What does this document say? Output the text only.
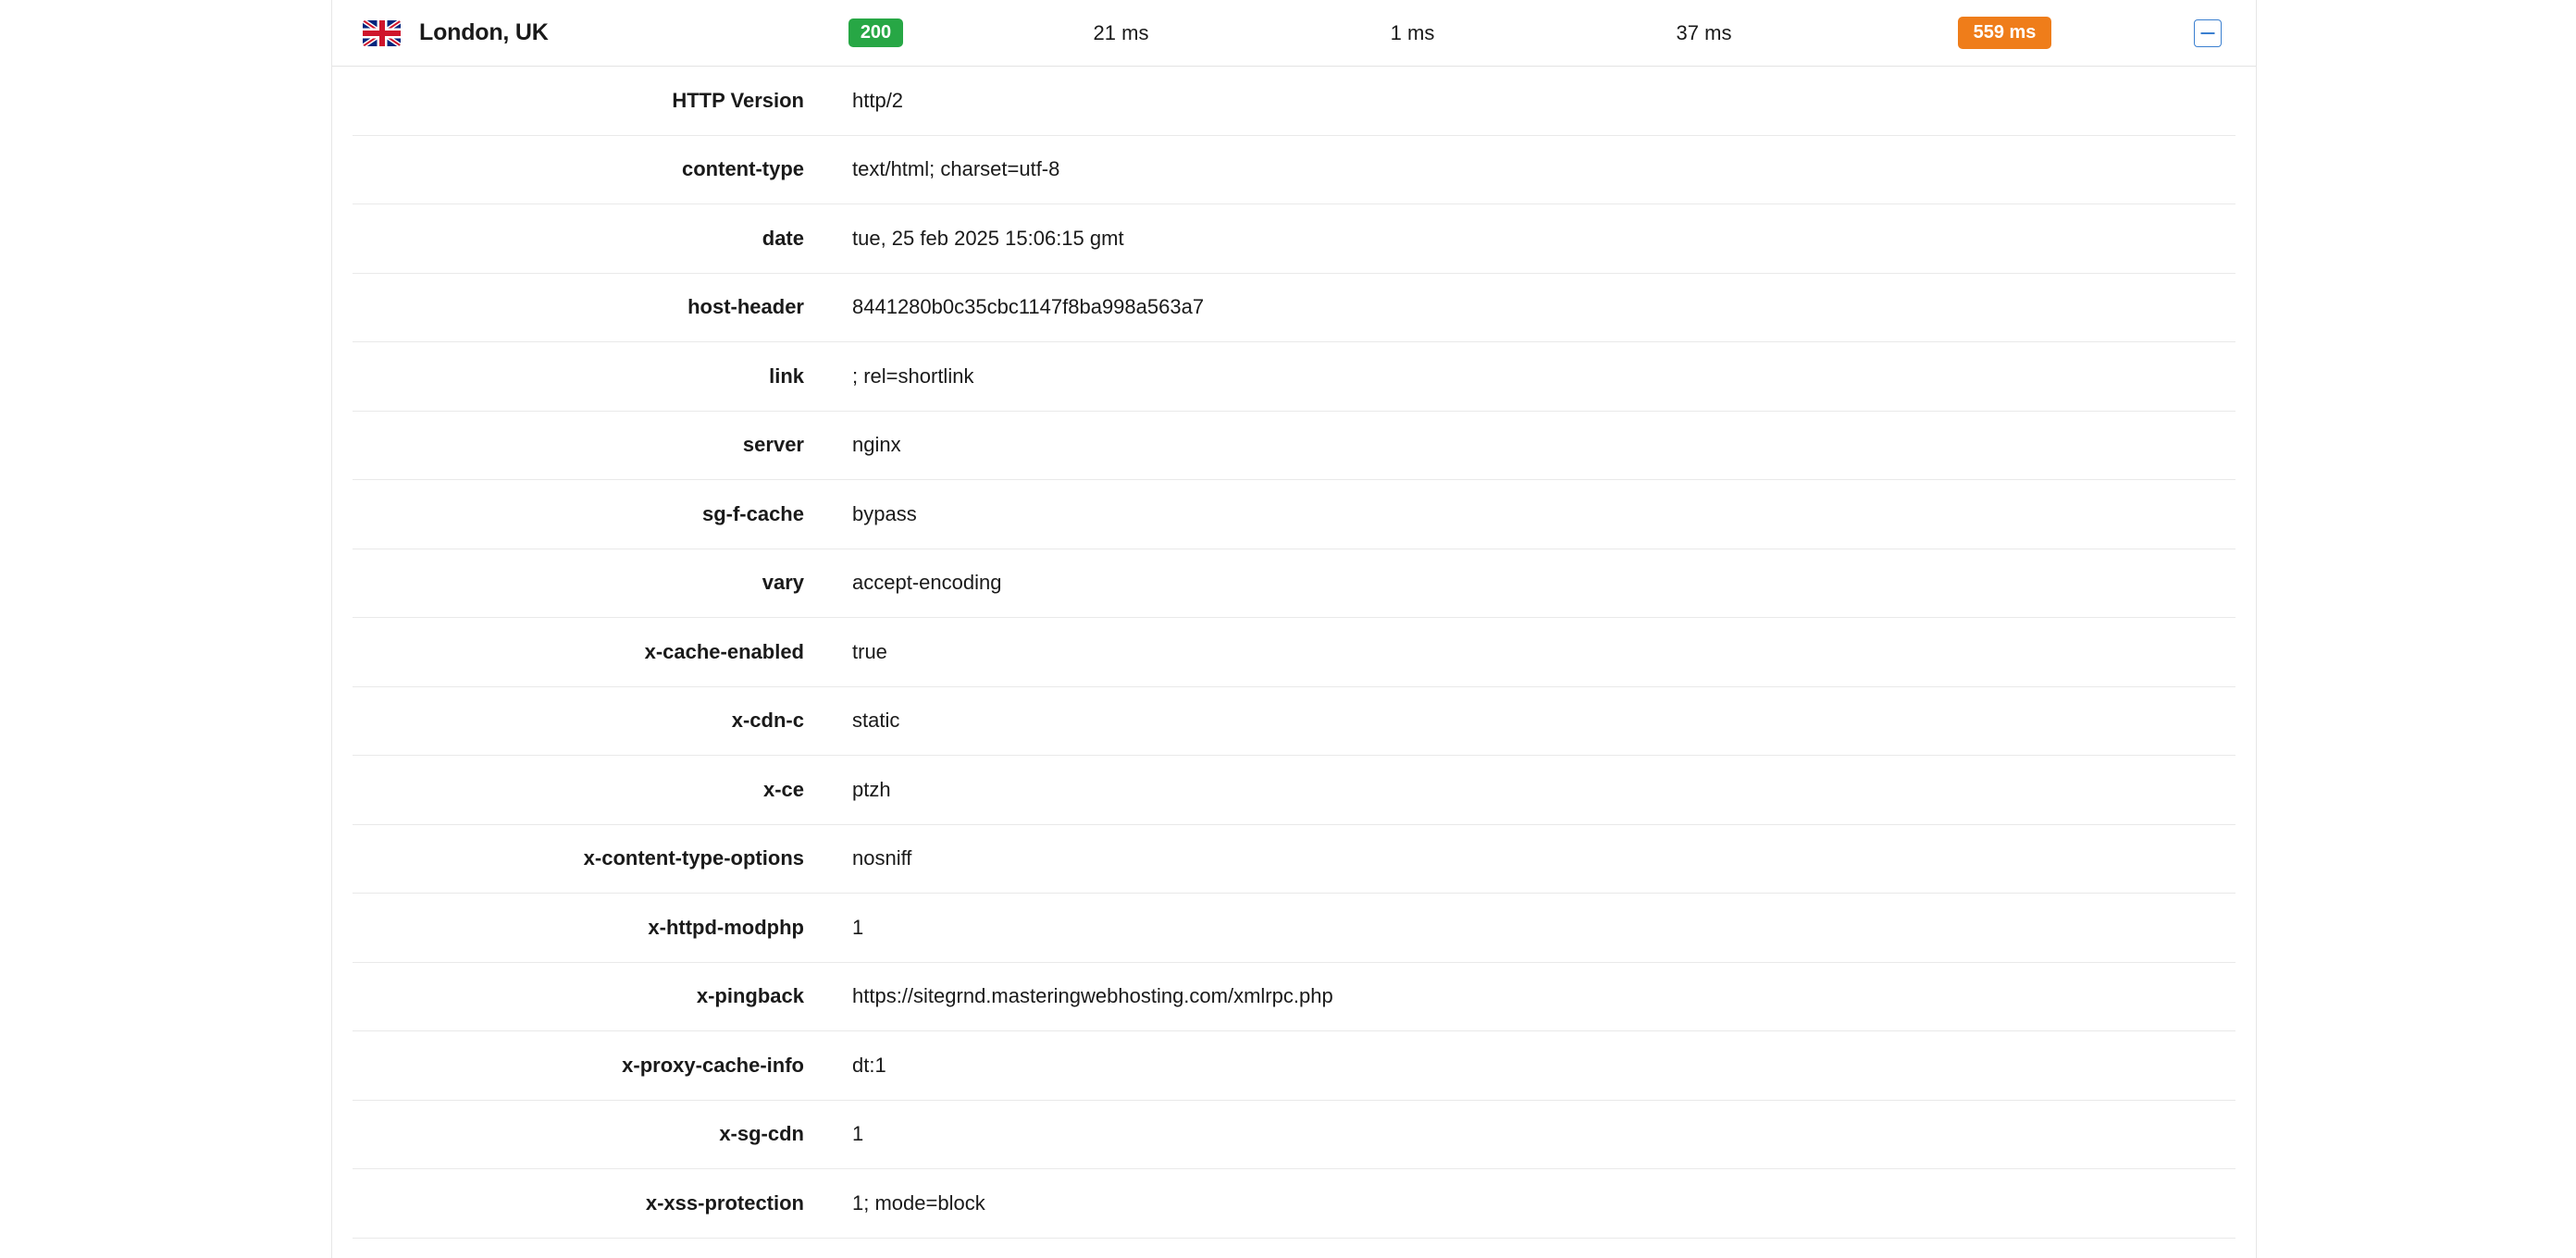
London, UK	200	21 ms	1 ms	37 ms	559 ms
HTTP Version	http/2
content-type	text/html; charset=utf-8
date	tue, 25 feb 2025 15:06:15 gmt
host-header	8441280b0c35cbc1147f8ba998a563a7
link	; rel=shortlink
server	nginx
sg-f-cache	bypass
vary	accept-encoding
x-cache-enabled	true
x-cdn-c	static
x-ce	ptzh
x-content-type-options	nosniff
x-httpd-modphp	1
x-pingback	https://sitegrnd.masteringwebhosting.com/xmlrpc.php
x-proxy-cache-info	dt:1
x-sg-cdn	1
x-xss-protection	1; mode=block
